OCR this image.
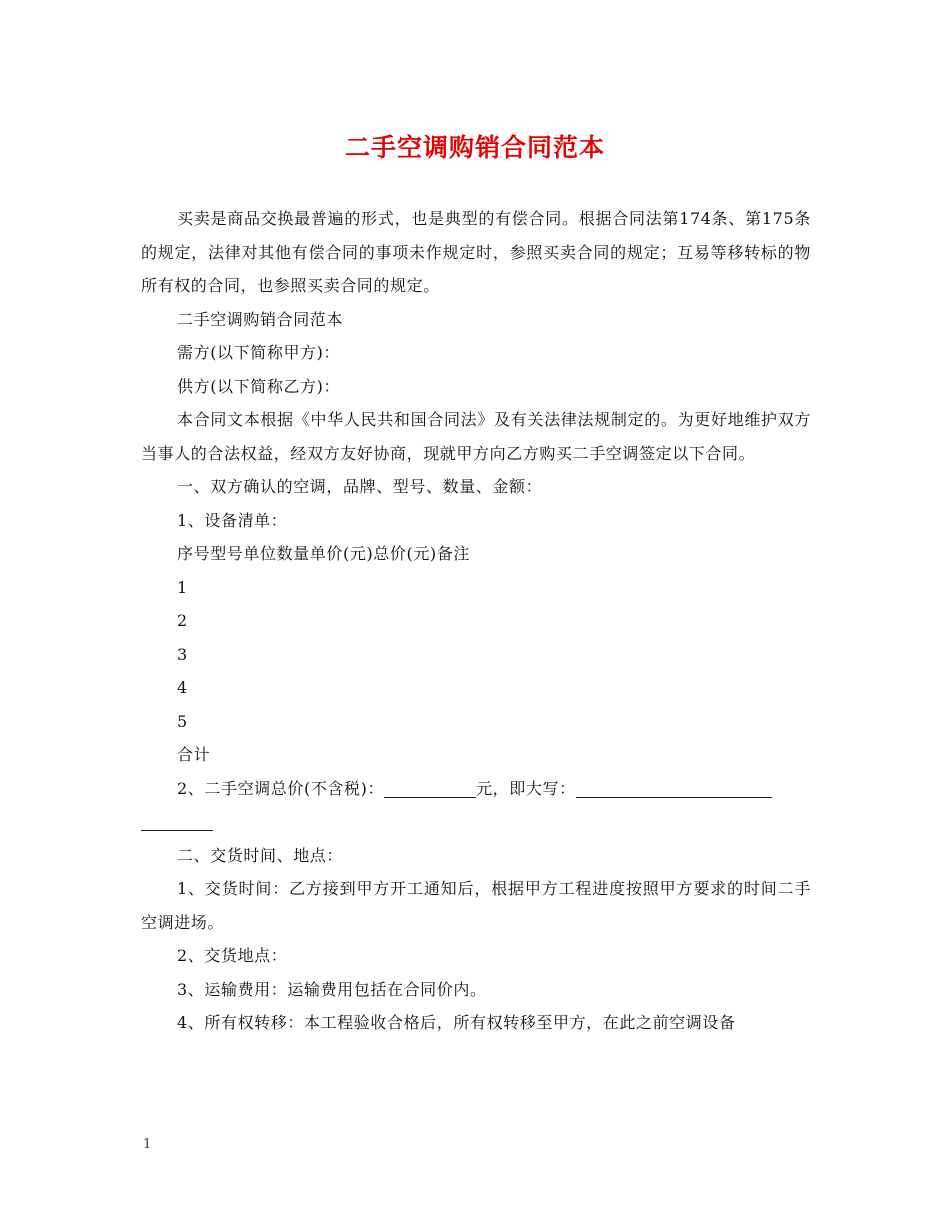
二手空调购销合同范本

买卖是商品交换最普遍的形式，也是典型的有偿合同。根据合同法第174条、第175条的规定，法律对其他有偿合同的事项未作规定时，参照买卖合同的规定；互易等移转标的物所有权的合同，也参照买卖合同的规定。

二手空调购销合同范本

需方(以下简称甲方)：

供方(以下简称乙方)：

本合同文本根据《中华人民共和国合同法》及有关法律法规制定的。为更好地维护双方当事人的合法权益，经双方友好协商，现就甲方向乙方购买二手空调签定以下合同。

一、双方确认的空调，品牌、型号、数量、金额：

1、设备清单：

序号型号单位数量单价(元)总价(元)备注

1

2

3

4

5

合计

2、二手空调总价(不含税)：	元，即大写：

二、交货时间、地点：

1、交货时间：乙方接到甲方开工通知后，根据甲方工程进度按照甲方要求的时间二手空调进场。

2、交货地点：

3、运输费用：运输费用包括在合同价内。

4、所有权转移：本工程验收合格后，所有权转移至甲方，在此之前空调设备

1
